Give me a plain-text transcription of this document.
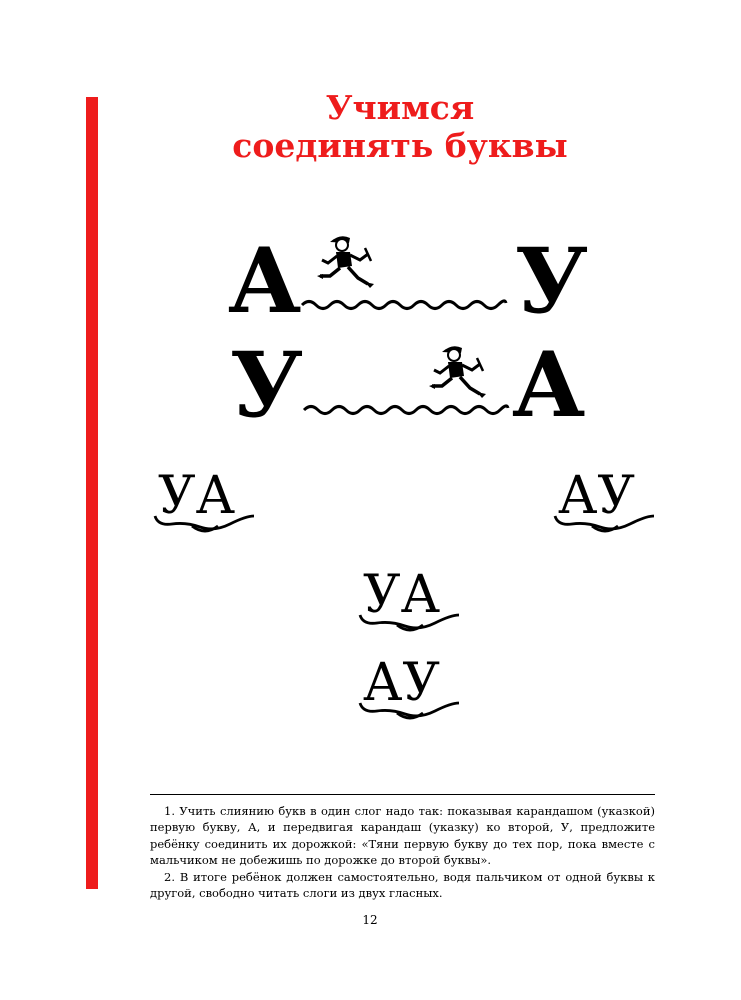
Учимся
соединять буквы
А У
У А
УА	АУ
УА
АУ

1. Учить слиянию букв в один слог надо так: показывая карандашом (указкой) первую букву, А, и передвигая карандаш (указку) ко второй, У, предложите ребёнку соединить их дорожкой: «Тяни первую букву до тех пор, пока вместе с мальчиком не добежишь по дорожке до второй буквы».

2. В итоге ребёнок должен самостоятельно, водя пальчиком от одной буквы к другой, свободно читать слоги из двух гласных.

12
